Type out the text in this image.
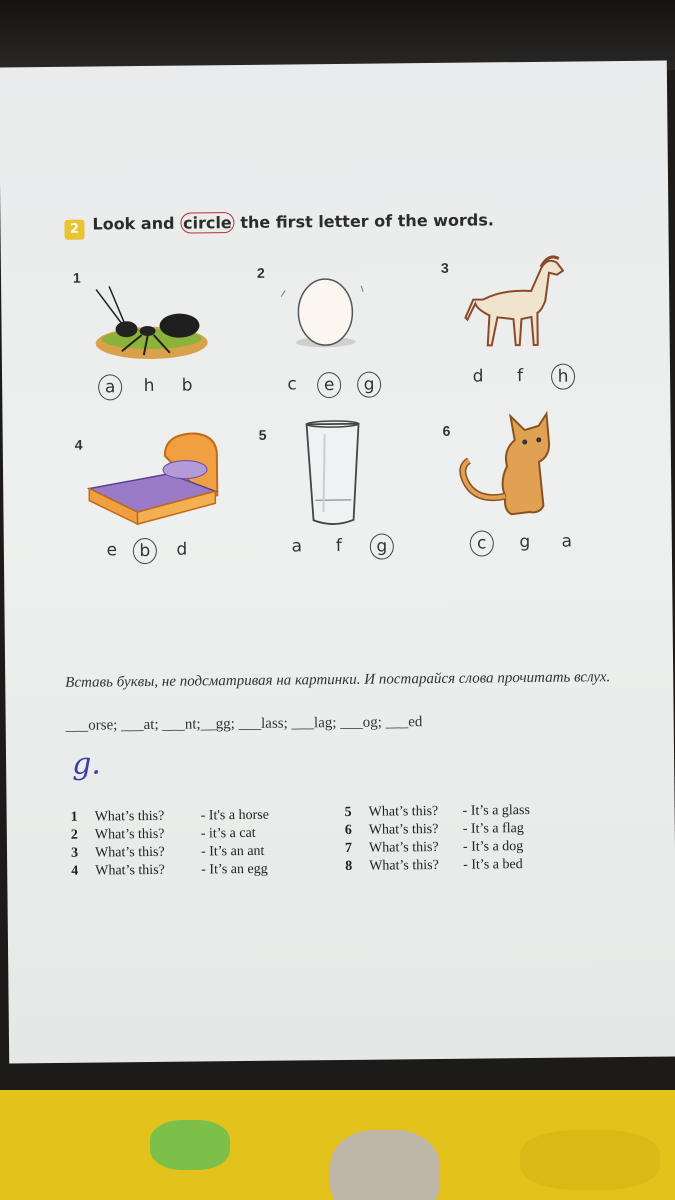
2 Look and circle the first letter of the words.
1
a	h	b
2
c	e	g
3
d	f	h
4
e	b	d
5
a	f	g
6
c	g	a
Вставь буквы, не подсматривая на картинки. И постарайся слова прочитать вслух.
___orse; ___at; ___nt;__gg; ___lass; ___lag; ___og; ___ed
g.
1 What’s this?	- It's a horse
2 What’s this?	- it’s a cat
3 What’s this?	- It’s an ant
4 What’s this?	- It’s an egg
5 What’s this? - It’s a glass
6 What’s this? - It’s a flag
7 What’s this? - It’s a dog
8 What’s this? - It’s a bed
